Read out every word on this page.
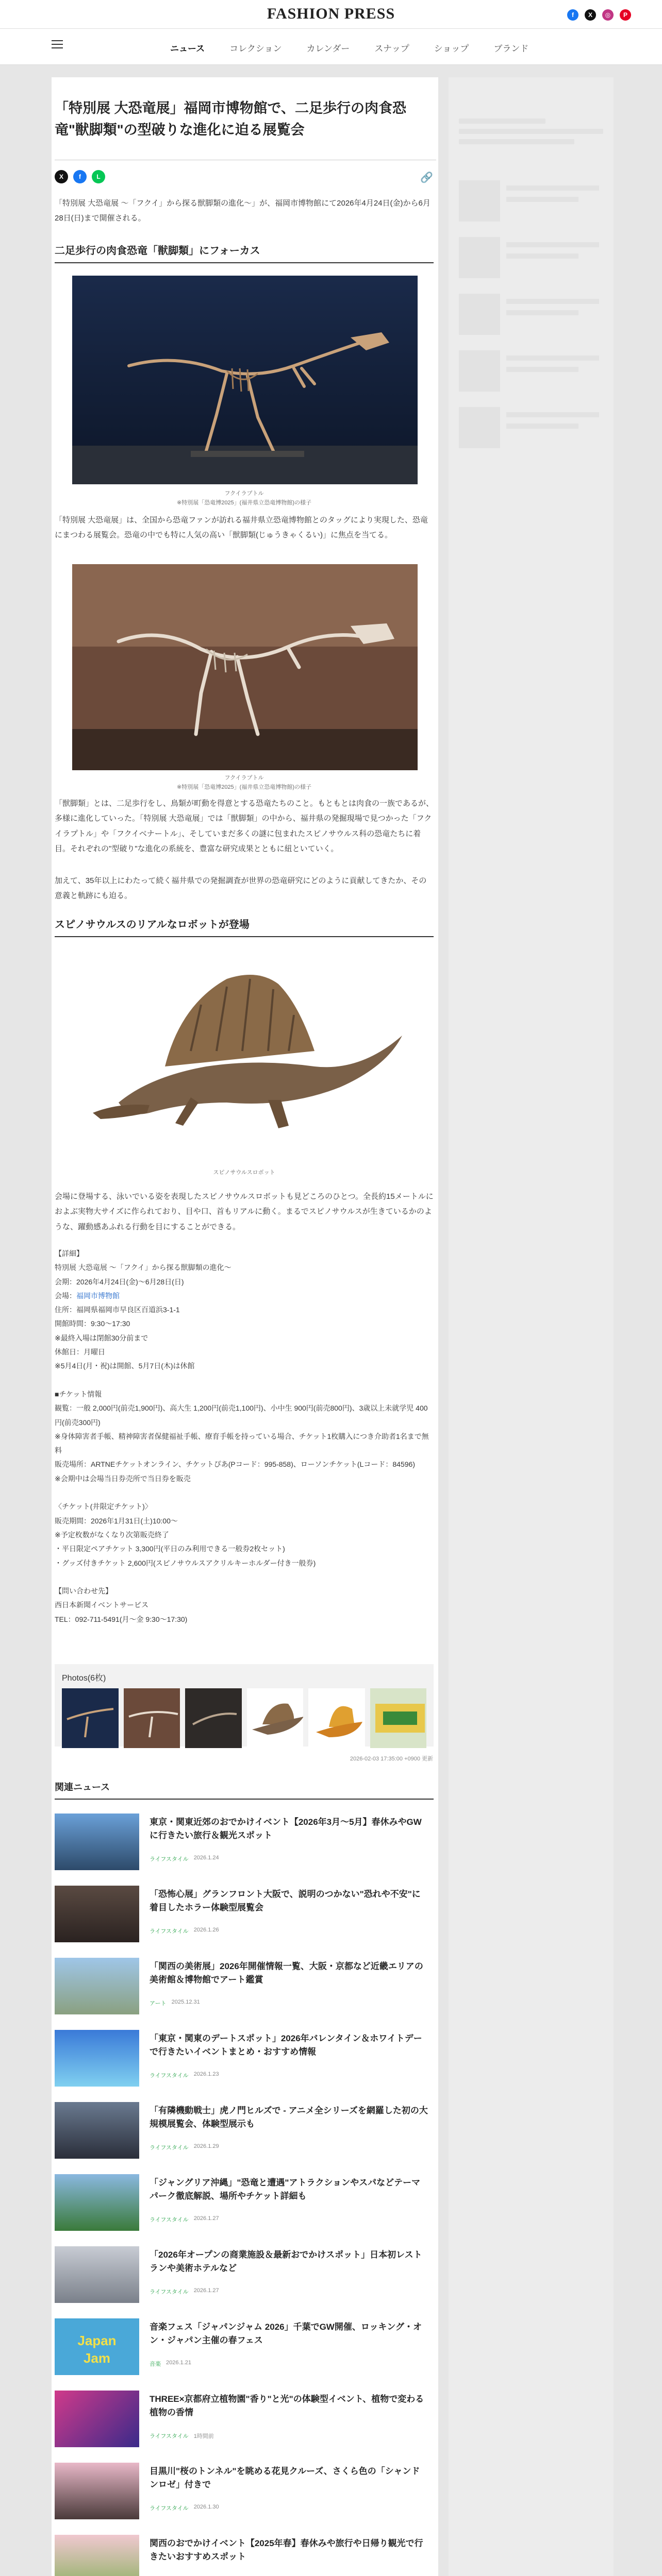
FASHION PRESS	f	X	◎	P
ニュース	コレクション	カレンダー	スナップ	ショップ	ブランド
「特別展 大恐竜展」福岡市博物館で、二足歩行の肉食恐竜"獣脚類"の型破りな進化に迫る展覧会
X	f	L	🔗

「特別展 大恐竜展 〜「フクイ」から探る獣脚類の進化〜」が、福岡市博物館にて2026年4月24日(金)から6月28日(日)まで開催される。

二足歩行の肉食恐竜「獣脚類」にフォーカス
フクイラプトル
※特別展「恐竜博2025」(福井県立恐竜博物館)の様子

「特別展 大恐竜展」は、全国から恐竜ファンが訪れる福井県立恐竜博物館とのタッグにより実現した、恐竜にまつわる展覧会。恐竜の中でも特に人気の高い「獣脚類(じゅうきゃくるい)」に焦点を当てる。

フクイラプトル
※特別展「恐竜博2025」(福井県立恐竜博物館)の様子

「獣脚類」とは、二足歩行をし、鳥類が町動を得意とする恐竜たちのこと。もともとは肉食の一族であるが、多様に進化していった。「特別展 大恐竜展」では「獣脚類」の中から、福井県の発掘現場で見つかった「フクイラプトル」や「フクイベナートル」、そしていまだ多くの謎に包まれたスピノサウルス科の恐竜たちに着目。それぞれの"型破り"な進化の系統を、豊富な研究成果とともに紐といていく。

加えて、35年以上にわたって続く福井県での発掘調査が世界の恐竜研究にどのように貢献してきたか、その意義と軌跡にも迫る。

スピノサウルスのリアルなロボットが登場
スピノサウルスロボット

会場に登場する、泳いでいる姿を表現したスピノサウルスロボットも見どころのひとつ。全長約15メートルにおよぶ実物大サイズに作られており、目や口、首もリアルに動く。まるでスピノサウルスが生きているかのような、躍動感あふれる行動を目にすることができる。

【詳細】
特別展 大恐竜展 〜「フクイ」から探る獣脚類の進化〜
会期：2026年4月24日(金)〜6月28日(日)
会場：福岡市博物館
住所：福岡県福岡市早良区百道浜3-1-1
開館時間：9:30〜17:30
※最終入場は閉館30分前まで
休館日：月曜日
※5月4日(月・祝)は開館、5月7日(木)は休館

■チケット情報
観覧：一般 2,000円(前売1,900円)、高大生 1,200円(前売1,100円)、小中生 900円(前売800円)、3歳以上未就学児 400円(前売300円)
※身体障害者手帳、精神障害者保健福祉手帳、療育手帳を持っている場合、チケット1枚購入につき介助者1名まで無料
販売場所：ARTNEチケットオンライン、チケットぴあ(Pコード：995-858)、ローソンチケット(Lコード：84596)
※会期中は会場当日券売所で当日券を販売

〈チケット(井限定チケット)〉
販売期間：2026年1月31日(土)10:00〜
※予定枚数がなくなり次第販売終了
・平日限定ペアチケット 3,300円(平日のみ利用できる一般券2枚セット)
・グッズ付きチケット 2,600円(スピノサウルスアクリルキーホルダー付き一般券)

【問い合わせ先】
西日本新聞イベントサービス
TEL：092-711-5491(月〜金 9:30〜17:30)
Photos(6枚)
2026-02-03 17:35:00 +0900 更新
関連ニュース
東京・関東近郊のおでかけイベント【2026年3月〜5月】春休みやGWに行きたい旅行＆観光スポット
ライフスタイル 2026.1.24
「恐怖心展」グランフロント大阪で、説明のつかない"恐れや不安"に着目したホラー体験型展覧会
ライフスタイル 2026.1.26
「関西の美術展」2026年開催情報一覧、大阪・京都など近畿エリアの美術館＆博物館でアート鑑賞
アート 2025.12.31
「東京・関東のデートスポット」2026年バレンタイン＆ホワイトデーで行きたいイベントまとめ・おすすめ情報
ライフスタイル 2026.1.23
「有隣機動戦士」虎ノ門ヒルズで - アニメ全シリーズを網羅した初の大規模展覧会、体験型展示も
ライフスタイル 2026.1.29
「ジャングリア沖縄」"恐竜と遭遇"アトラクションやスパなどテーマパーク徹底解説、場所やチケット詳細も
ライフスタイル 2026.1.27
「2026年オープンの商業施設＆最新おでかけスポット」日本初レストランや美術ホテルなど
ライフスタイル 2026.1.27
Japan
Jam
音楽フェス「ジャパンジャム 2026」千葉でGW開催、ロッキング・オン・ジャパン主催の春フェス
音楽 2026.1.21
THREE×京都府立植物園"香り"と光"の体験型イベント、植物で変わる植物の香情
ライフスタイル 1時間前
目黒川"桜のトンネル"を眺める花見クルーズ、さくら色の「シャンドンロゼ」付きで
ライフスタイル 2026.1.30
関西のおでかけイベント【2025年春】春休みや旅行や日帰り観光で行きたいおすすめスポット
